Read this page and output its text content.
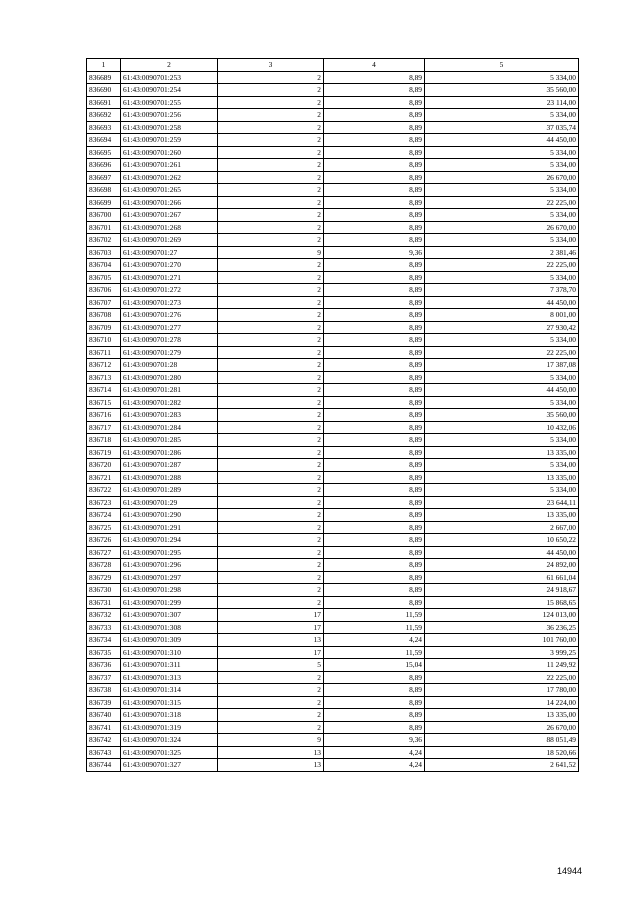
1	2	3	4	5
836689	61:43:0090701:253	2	8,89	5 334,00
836690	61:43:0090701:254	2	8,89	35 560,00
836691	61:43:0090701:255	2	8,89	23 114,00
836692	61:43:0090701:256	2	8,89	5 334,00
836693	61:43:0090701:258	2	8,89	37 035,74
836694	61:43:0090701:259	2	8,89	44 450,00
836695	61:43:0090701:260	2	8,89	5 334,00
836696	61:43:0090701:261	2	8,89	5 334,00
836697	61:43:0090701:262	2	8,89	26 670,00
836698	61:43:0090701:265	2	8,89	5 334,00
836699	61:43:0090701:266	2	8,89	22 225,00
836700	61:43:0090701:267	2	8,89	5 334,00
836701	61:43:0090701:268	2	8,89	26 670,00
836702	61:43:0090701:269	2	8,89	5 334,00
836703	61:43:0090701:27	9	9,36	2 381,46
836704	61:43:0090701:270	2	8,89	22 225,00
836705	61:43:0090701:271	2	8,89	5 334,00
836706	61:43:0090701:272	2	8,89	7 378,70
836707	61:43:0090701:273	2	8,89	44 450,00
836708	61:43:0090701:276	2	8,89	8 001,00
836709	61:43:0090701:277	2	8,89	27 930,42
836710	61:43:0090701:278	2	8,89	5 334,00
836711	61:43:0090701:279	2	8,89	22 225,00
836712	61:43:0090701:28	2	8,89	17 387,08
836713	61:43:0090701:280	2	8,89	5 334,00
836714	61:43:0090701:281	2	8,89	44 450,00
836715	61:43:0090701:282	2	8,89	5 334,00
836716	61:43:0090701:283	2	8,89	35 560,00
836717	61:43:0090701:284	2	8,89	10 432,06
836718	61:43:0090701:285	2	8,89	5 334,00
836719	61:43:0090701:286	2	8,89	13 335,00
836720	61:43:0090701:287	2	8,89	5 334,00
836721	61:43:0090701:288	2	8,89	13 335,00
836722	61:43:0090701:289	2	8,89	5 334,00
836723	61:43:0090701:29	2	8,89	23 644,11
836724	61:43:0090701:290	2	8,89	13 335,00
836725	61:43:0090701:291	2	8,89	2 667,00
836726	61:43:0090701:294	2	8,89	10 650,22
836727	61:43:0090701:295	2	8,89	44 450,00
836728	61:43:0090701:296	2	8,89	24 892,00
836729	61:43:0090701:297	2	8,89	61 661,04
836730	61:43:0090701:298	2	8,89	24 918,67
836731	61:43:0090701:299	2	8,89	15 868,65
836732	61:43:0090701:307	17	11,59	124 013,00
836733	61:43:0090701:308	17	11,59	36 236,25
836734	61:43:0090701:309	13	4,24	101 760,00
836735	61:43:0090701:310	17	11,59	3 999,25
836736	61:43:0090701:311	5	15,04	11 249,92
836737	61:43:0090701:313	2	8,89	22 225,00
836738	61:43:0090701:314	2	8,89	17 780,00
836739	61:43:0090701:315	2	8,89	14 224,00
836740	61:43:0090701:318	2	8,89	13 335,00
836741	61:43:0090701:319	2	8,89	26 670,00
836742	61:43:0090701:324	9	9,36	88 051,49
836743	61:43:0090701:325	13	4,24	18 520,66
836744	61:43:0090701:327	13	4,24	2 641,52
14944
